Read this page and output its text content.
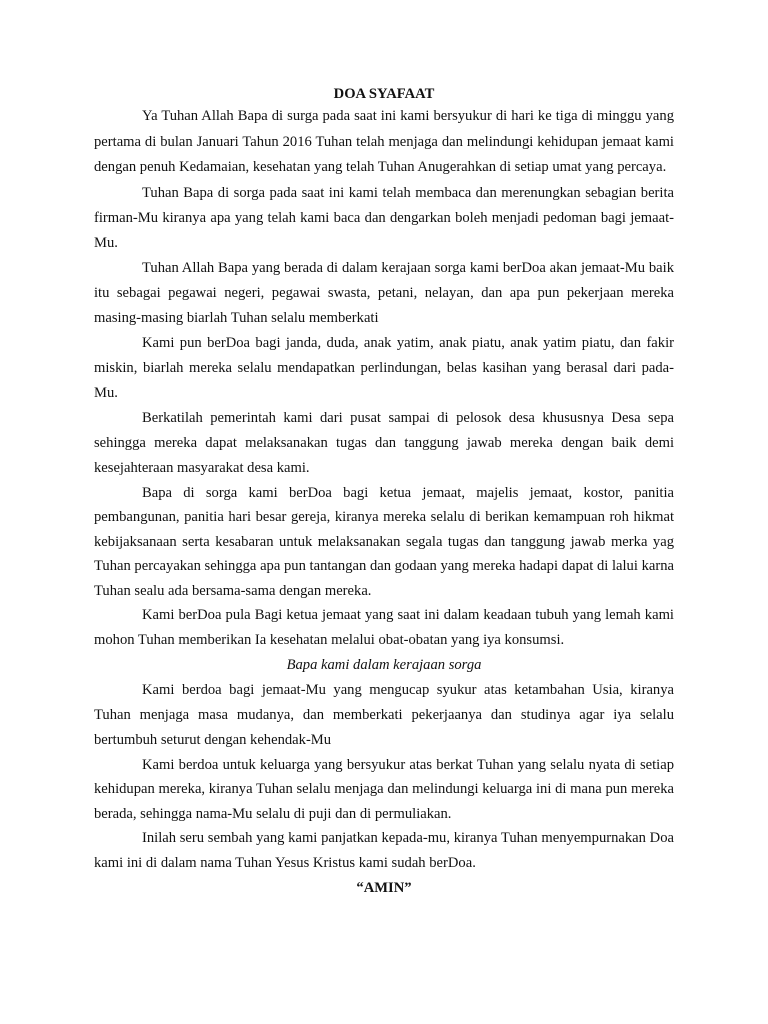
DOA SYAFAAT

Ya Tuhan Allah Bapa di surga pada saat ini kami bersyukur di hari ke tiga di minggu yang pertama di bulan Januari Tahun 2016 Tuhan telah menjaga dan melindungi kehidupan jemaat kami dengan penuh Kedamaian, kesehatan yang telah Tuhan Anugerahkan di setiap umat yang percaya.

Tuhan Bapa di sorga pada saat ini kami telah membaca dan merenungkan sebagian berita firman-Mu kiranya apa yang telah kami baca dan dengarkan boleh menjadi pedoman bagi jemaat-Mu.

Tuhan Allah Bapa yang berada di dalam kerajaan sorga kami berDoa akan jemaat-Mu baik itu sebagai pegawai negeri, pegawai swasta, petani, nelayan, dan apa pun pekerjaan mereka masing-masing biarlah Tuhan selalu memberkati

Kami pun berDoa bagi janda, duda, anak yatim, anak piatu, anak yatim piatu, dan fakir miskin, biarlah mereka selalu mendapatkan perlindungan, belas kasihan yang berasal dari pada-Mu.

Berkatilah pemerintah kami dari pusat sampai di pelosok desa khususnya Desa sepa sehingga mereka dapat melaksanakan tugas dan tanggung jawab mereka dengan baik demi kesejahteraan masyarakat desa kami.

Bapa di sorga kami berDoa bagi ketua jemaat, majelis jemaat, kostor, panitia pembangunan, panitia hari besar gereja, kiranya mereka selalu di berikan kemampuan roh hikmat kebijaksanaan serta kesabaran untuk melaksanakan segala tugas dan tanggung jawab merka yag Tuhan percayakan sehingga apa pun tantangan dan godaan yang mereka hadapi dapat di lalui karna Tuhan sealu ada bersama-sama dengan mereka.

Kami berDoa pula Bagi ketua jemaat yang saat ini dalam keadaan tubuh yang lemah kami mohon Tuhan memberikan Ia kesehatan melalui obat-obatan yang iya konsumsi.

Bapa kami dalam kerajaan sorga

Kami berdoa bagi jemaat-Mu yang mengucap syukur atas ketambahan Usia, kiranya Tuhan menjaga masa mudanya, dan memberkati pekerjaanya dan studinya agar iya selalu bertumbuh seturut dengan kehendak-Mu

Kami berdoa untuk keluarga yang bersyukur atas berkat Tuhan yang selalu nyata di setiap kehidupan mereka, kiranya Tuhan selalu menjaga dan melindungi keluarga ini di mana pun mereka berada, sehingga nama-Mu selalu di puji dan di permuliakan.

Inilah seru sembah yang kami panjatkan kepada-mu, kiranya Tuhan menyempurnakan Doa kami ini di dalam nama Tuhan Yesus Kristus kami sudah berDoa.

“AMIN”
